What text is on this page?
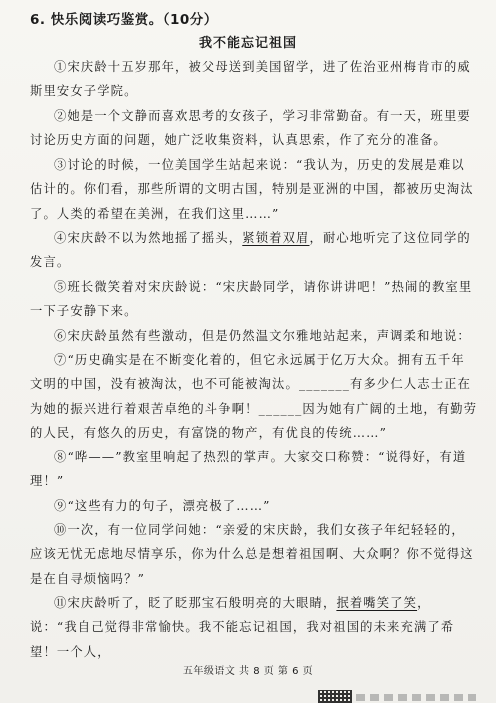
6. 快乐阅读巧鉴赏。（10分）
我不能忘记祖国

①宋庆龄十五岁那年，被父母送到美国留学，进了佐治亚州梅肯市的威斯里安女子学院。

②她是一个文静而喜欢思考的女孩子，学习非常勤奋。有一天，班里要讨论历史方面的问题，她广泛收集资料，认真思索，作了充分的准备。

③讨论的时候，一位美国学生站起来说：“我认为，历史的发展是难以估计的。你们看，那些所谓的文明古国，特别是亚洲的中国，都被历史淘汰了。人类的希望在美洲，在我们这里……”

④宋庆龄不以为然地摇了摇头，紧锁着双眉，耐心地听完了这位同学的发言。

⑤班长微笑着对宋庆龄说：“宋庆龄同学，请你讲讲吧！”热闹的教室里一下子安静下来。

⑥宋庆龄虽然有些激动，但是仍然温文尔雅地站起来，声调柔和地说：

⑦“历史确实是在不断变化着的，但它永远属于亿万大众。拥有五千年文明的中国，没有被淘汰，也不可能被淘汰。_______有多少仁人志士正在为她的振兴进行着艰苦卓绝的斗争啊！______因为她有广阔的土地，有勤劳的人民，有悠久的历史，有富饶的物产，有优良的传统……”

⑧“哗——”教室里响起了热烈的掌声。大家交口称赞：“说得好，有道理！”

⑨“这些有力的句子，漂亮极了……”

⑩一次，有一位同学问她：“亲爱的宋庆龄，我们女孩子年纪轻轻的，应该无忧无虑地尽情享乐，你为什么总是想着祖国啊、大众啊？你不觉得这是在自寻烦恼吗？”

⑪宋庆龄听了，眨了眨那宝石般明亮的大眼睛，抿着嘴笑了笑，说：“我自己觉得非常愉快。我不能忘记祖国，我对祖国的未来充满了希望！一个人，

五年级语文 共 8 页 第 6 页
